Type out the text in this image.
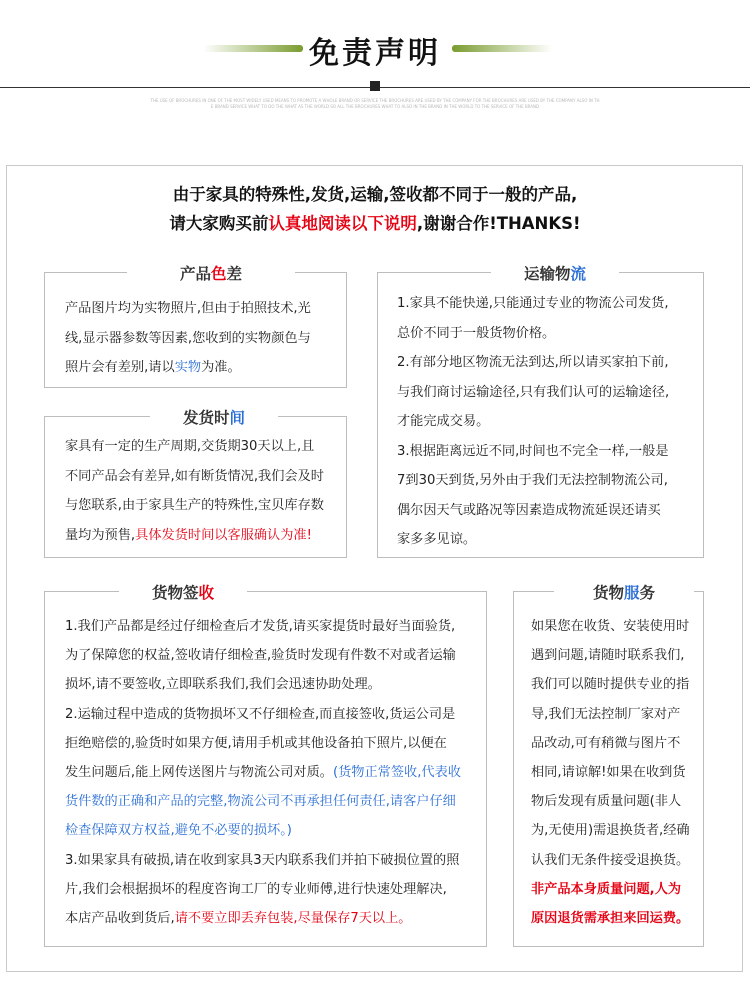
免责声明
THE USE OF BROCHURES IN ONE OF THE MOST WIDELY USED MEANS TO PROMOTE A WHOLE BRAND OR SERVICE THE BROCHURES ARE USED BY THE COMPANY FOR THE BROCHURES ARE USED BY THE COMPANY ALSO IN THE BRAND SERVICE WHAT TO DO THE WHAT AS THE WORLD SO ALL THE BROCHURES WHAT TO ALSO IN THE BRAND IN THE WORLD TO THE SERVICE OF THE BRAND
由于家具的特殊性,发货,运输,签收都不同于一般的产品,
请大家购买前认真地阅读以下说明,谢谢合作!THANKS!
产品色差

产品图片均为实物照片,但由于拍照技术,光

线,显示器参数等因素,您收到的实物颜色与

照片会有差别,请以实物为准。

发货时间

家具有一定的生产周期,交货期30天以上,且

不同产品会有差异,如有断货情况,我们会及时

与您联系,由于家具生产的特殊性,宝贝库存数

量均为预售,具体发货时间以客服确认为准!

运输物流

1.家具不能快递,只能通过专业的物流公司发货,

总价不同于一般货物价格。

2.有部分地区物流无法到达,所以请买家拍下前,

与我们商讨运输途径,只有我们认可的运输途径,

才能完成交易。

3.根据距离远近不同,时间也不完全一样,一般是

7到30天到货,另外由于我们无法控制物流公司,

偶尔因天气或路况等因素造成物流延误还请买

家多多见谅。

货物签收

1.我们产品都是经过仔细检查后才发货,请买家提货时最好当面验货,

为了保障您的权益,签收请仔细检查,验货时发现有件数不对或者运输

损坏,请不要签收,立即联系我们,我们会迅速协助处理。

2.运输过程中造成的货物损坏又不仔细检查,而直接签收,货运公司是

拒绝赔偿的,验货时如果方便,请用手机或其他设备拍下照片,以便在

发生问题后,能上网传送图片与物流公司对质。(货物正常签收,代表收

货件数的正确和产品的完整,物流公司不再承担任何责任,请客户仔细

检查保障双方权益,避免不必要的损坏。)

3.如果家具有破损,请在收到家具3天内联系我们并拍下破损位置的照

片,我们会根据损坏的程度咨询工厂的专业师傅,进行快速处理解决,

本店产品收到货后,请不要立即丢弃包装,尽量保存7天以上。

货物服务

如果您在收货、安装使用时

遇到问题,请随时联系我们,

我们可以随时提供专业的指

导,我们无法控制厂家对产

品改动,可有稍微与图片不

相同,请谅解!如果在收到货

物后发现有质量问题(非人

为,无使用)需退换货者,经确

认我们无条件接受退换货。

非产品本身质量问题,人为

原因退货需承担来回运费。
